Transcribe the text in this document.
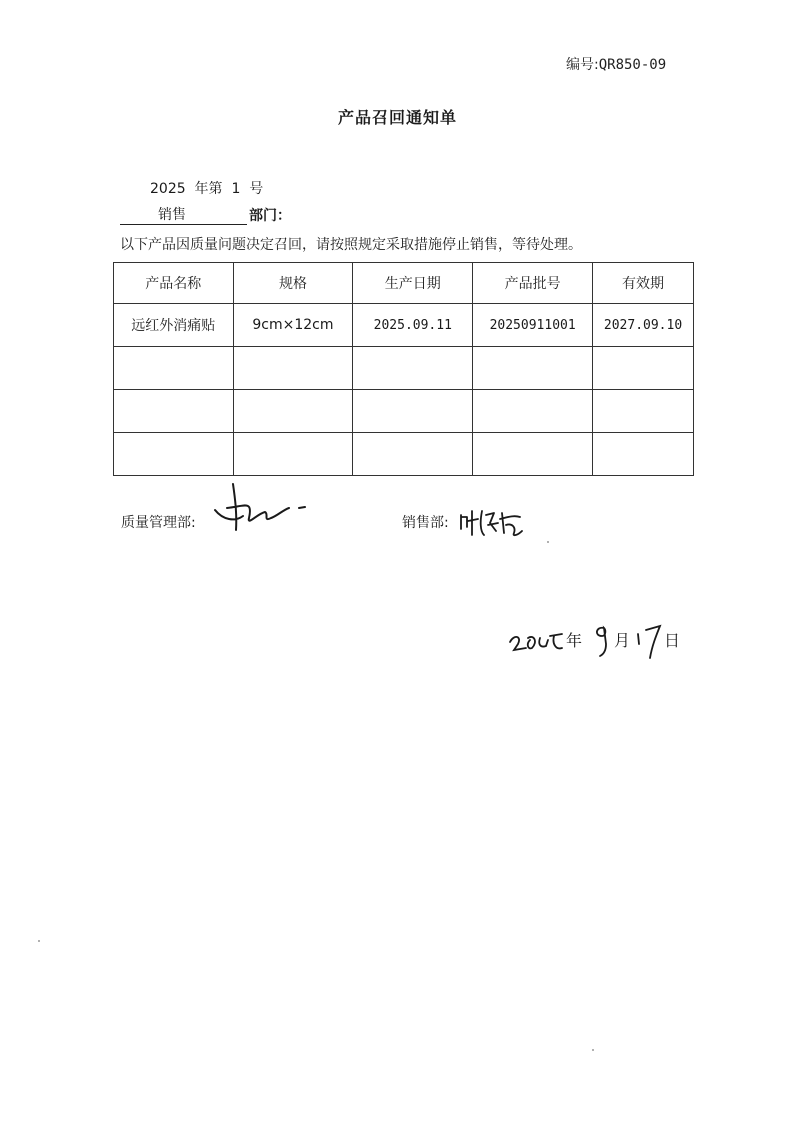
编号:QR850-09
产品召回通知单
2025 年第 1 号
销售	部门：
以下产品因质量问题决定召回，请按照规定采取措施停止销售，等待处理。
产品名称	规格	生产日期	产品批号	有效期
远红外消痛贴	9cm×12cm	2025.09.11	20250911001	2027.09.10

质量管理部:	销售部:
年 月 日
